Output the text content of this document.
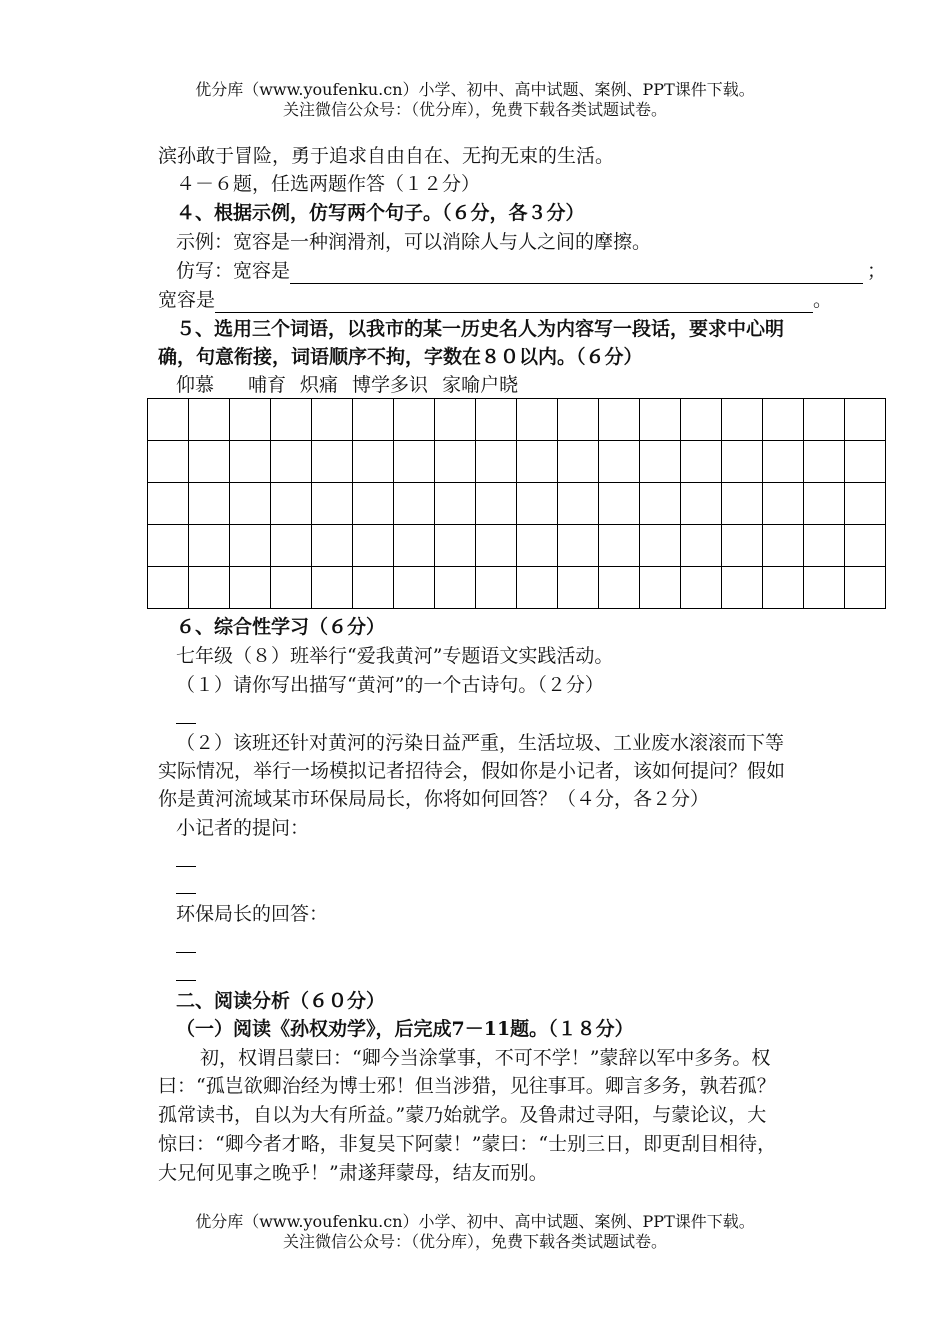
优分库（www.youfenku.cn）小学、初中、高中试题、案例、PPT课件下载。
关注微信公众号：（优分库），免费下载各类试题试卷。
滨孙敢于冒险，勇于追求自由自在、无拘无束的生活。
４－６题，任选两题作答（１２分）
４、根据示例，仿写两个句子。（６分，各３分）
示例：宽容是一种润滑剂，可以消除人与人之间的摩擦。
仿写：宽容是	；
宽容是	。
５、选用三个词语，以我市的某一历史名人为内容写一段话，要求中心明
确，句意衔接，词语顺序不拘，字数在８０以内。（６分）
仰慕 哺育 炽痛 博学多识 家喻户晓

６、综合性学习（６分）
七年级（８）班举行“爱我黄河”专题语文实践活动。
（１）请你写出描写“黄河”的一个古诗句。（２分）
（２）该班还针对黄河的污染日益严重，生活垃圾、工业废水滚滚而下等
实际情况，举行一场模拟记者招待会，假如你是小记者，该如何提问？假如
你是黄河流域某市环保局局长，你将如何回答？（４分，各２分）
小记者的提问：
环保局长的回答：
二、阅读分析（６０分）
（一）阅读《孙权劝学》，后完成7－11题。（１８分）
初，权谓吕蒙曰：“卿今当涂掌事，不可不学！”蒙辞以军中多务。权
曰：“孤岂欲卿治经为博士邪！但当涉猎，见往事耳。卿言多务，孰若孤？
孤常读书，自以为大有所益。”蒙乃始就学。及鲁肃过寻阳，与蒙论议，大
惊曰：“卿今者才略，非复吴下阿蒙！”蒙曰：“士别三日，即更刮目相待，
大兄何见事之晚乎！”肃遂拜蒙母，结友而别。
优分库（www.youfenku.cn）小学、初中、高中试题、案例、PPT课件下载。
关注微信公众号：（优分库），免费下载各类试题试卷。
